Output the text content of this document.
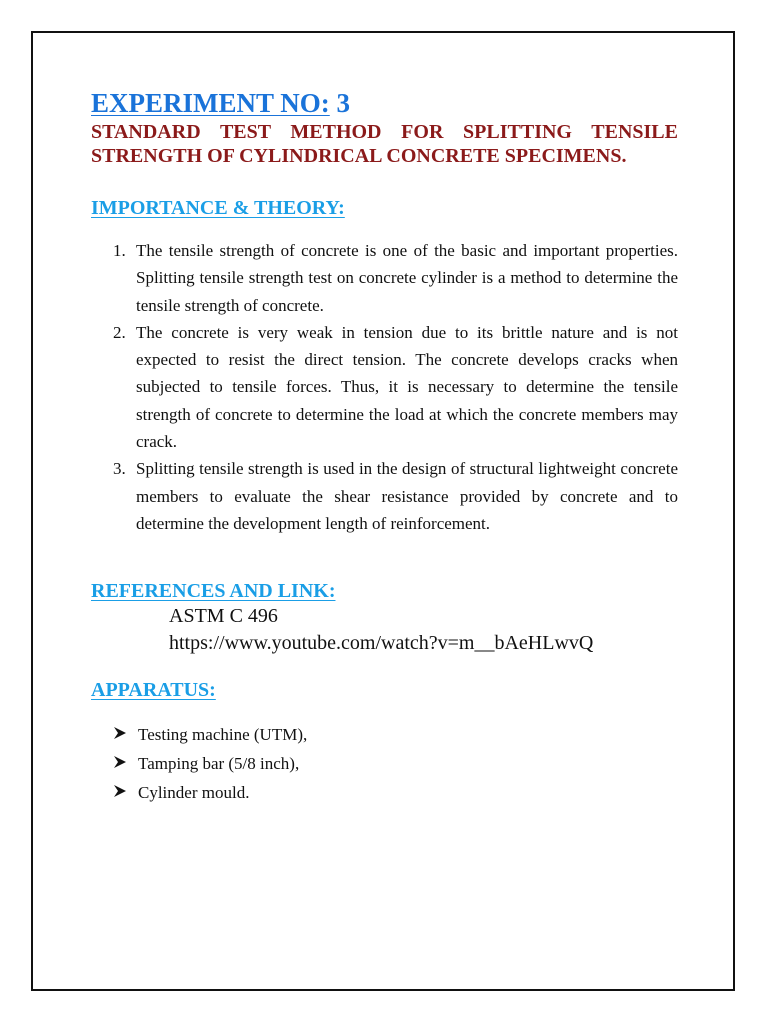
EXPERIMENT NO: 3

STANDARD TEST METHOD FOR SPLITTING TENSILE STRENGTH OF CYLINDRICAL CONCRETE SPECIMENS.

IMPORTANCE & THEORY:
1. The tensile strength of concrete is one of the basic and important properties. Splitting tensile strength test on concrete cylinder is a method to determine the tensile strength of concrete.
2. The concrete is very weak in tension due to its brittle nature and is not expected to resist the direct tension. The concrete develops cracks when subjected to tensile forces. Thus, it is necessary to determine the tensile strength of concrete to determine the load at which the concrete members may crack.
3. Splitting tensile strength is used in the design of structural lightweight concrete members to evaluate the shear resistance provided by concrete and to determine the development length of reinforcement.
REFERENCES AND LINK:

ASTM C 496

https://www.youtube.com/watch?v=m__bAeHLwvQ

APPARATUS:
Testing machine (UTM),
Tamping bar (5/8 inch),
Cylinder mould.
